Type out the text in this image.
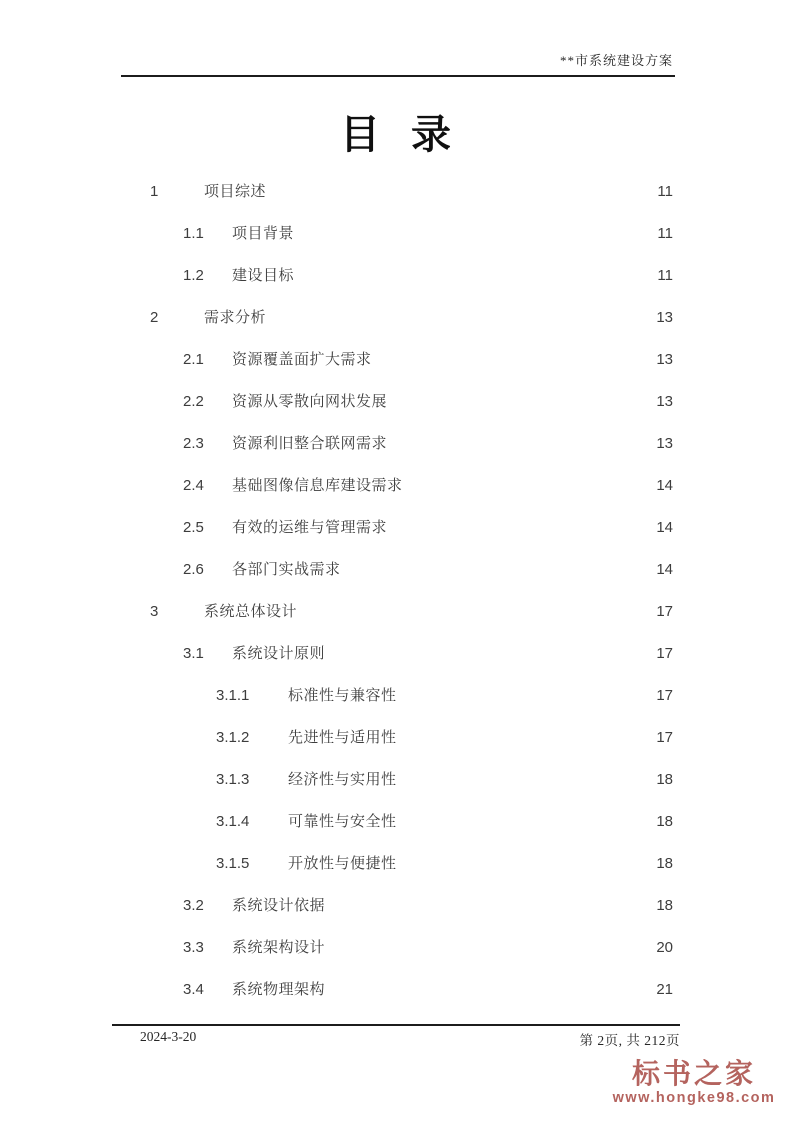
**市系统建设方案
目 录
1	项目综述	11
1.1	项目背景	11
1.2	建设目标	11
2	需求分析	13
2.1	资源覆盖面扩大需求	13
2.2	资源从零散向网状发展	13
2.3	资源利旧整合联网需求	13
2.4	基础图像信息库建设需求	14
2.5	有效的运维与管理需求	14
2.6	各部门实战需求	14
3	系统总体设计	17
3.1	系统设计原则	17
3.1.1	标准性与兼容性	17
3.1.2	先进性与适用性	17
3.1.3	经济性与实用性	18
3.1.4	可靠性与安全性	18
3.1.5	开放性与便捷性	18
3.2	系统设计依据	18
3.3	系统架构设计	20
3.4	系统物理架构	21
2024-3-20	第 2页, 共 212页
标书之家
www.hongke98.com
